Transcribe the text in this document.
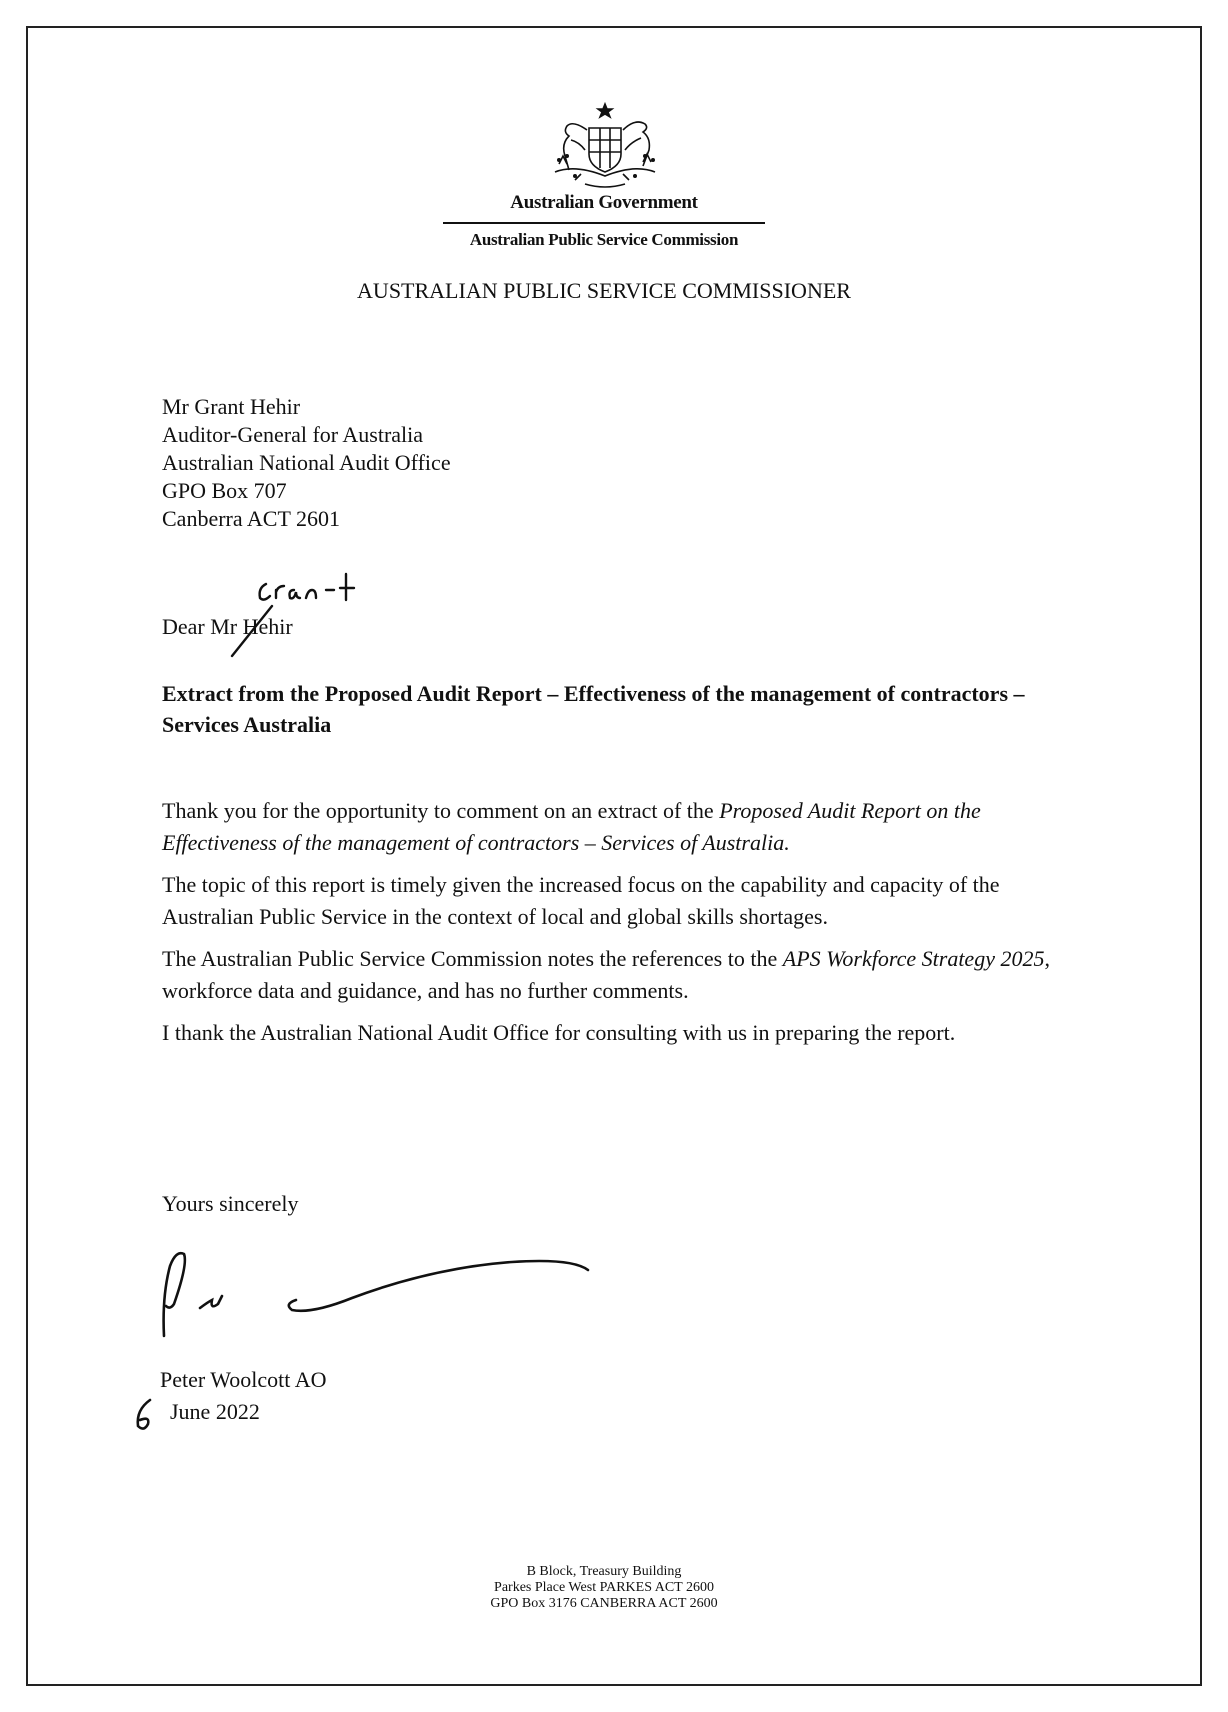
Australian Government
Australian Public Service Commission
AUSTRALIAN PUBLIC SERVICE COMMISSIONER
Mr Grant Hehir
Auditor-General for Australia
Australian National Audit Office
GPO Box 707
Canberra ACT 2601
Dear Mr Hehir
Extract from the Proposed Audit Report – Effectiveness of the management of contractors – Services Australia

Thank you for the opportunity to comment on an extract of the Proposed Audit Report on the Effectiveness of the management of contractors – Services of Australia.

The topic of this report is timely given the increased focus on the capability and capacity of the Australian Public Service in the context of local and global skills shortages.

The Australian Public Service Commission notes the references to the APS Workforce Strategy 2025, workforce data and guidance, and has no further comments.

I thank the Australian National Audit Office for consulting with us in preparing the report.

Yours sincerely
Peter Woolcott AO
June 2022
B Block, Treasury Building
Parkes Place West PARKES ACT 2600
GPO Box 3176 CANBERRA ACT 2600
